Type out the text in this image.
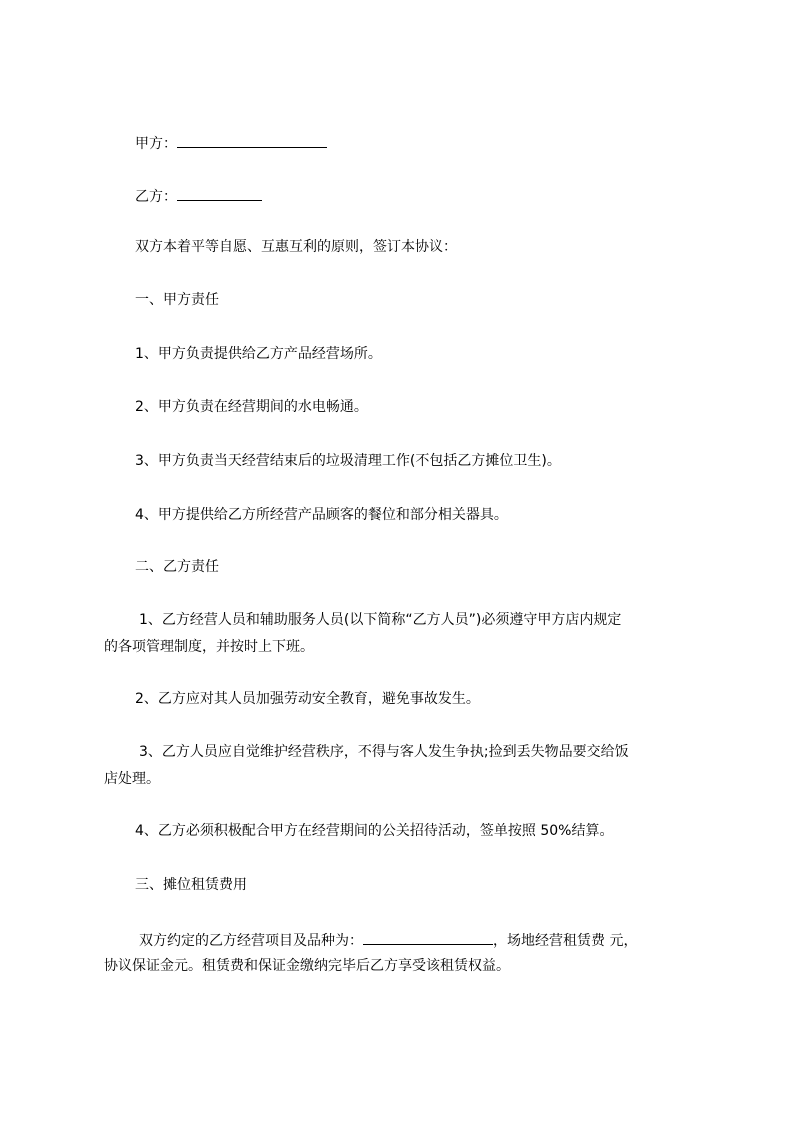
甲方：
乙方：
双方本着平等自愿、互惠互利的原则，签订本协议：
一、甲方责任
1、甲方负责提供给乙方产品经营场所。
2、甲方负责在经营期间的水电畅通。
3、甲方负责当天经营结束后的垃圾清理工作(不包括乙方摊位卫生)。
4、甲方提供给乙方所经营产品顾客的餐位和部分相关器具。
二、乙方责任
1、乙方经营人员和辅助服务人员(以下简称“乙方人员”)必须遵守甲方店内规定
的各项管理制度，并按时上下班。
2、乙方应对其人员加强劳动安全教育，避免事故发生。
3、乙方人员应自觉维护经营秩序，不得与客人发生争执;捡到丢失物品要交给饭
店处理。
4、乙方必须积极配合甲方在经营期间的公关招待活动，签单按照 50%结算。
三、摊位租赁费用
双方约定的乙方经营项目及品种为：	，场地经营租赁费 元，
协议保证金元。租赁费和保证金缴纳完毕后乙方享受该租赁权益。
